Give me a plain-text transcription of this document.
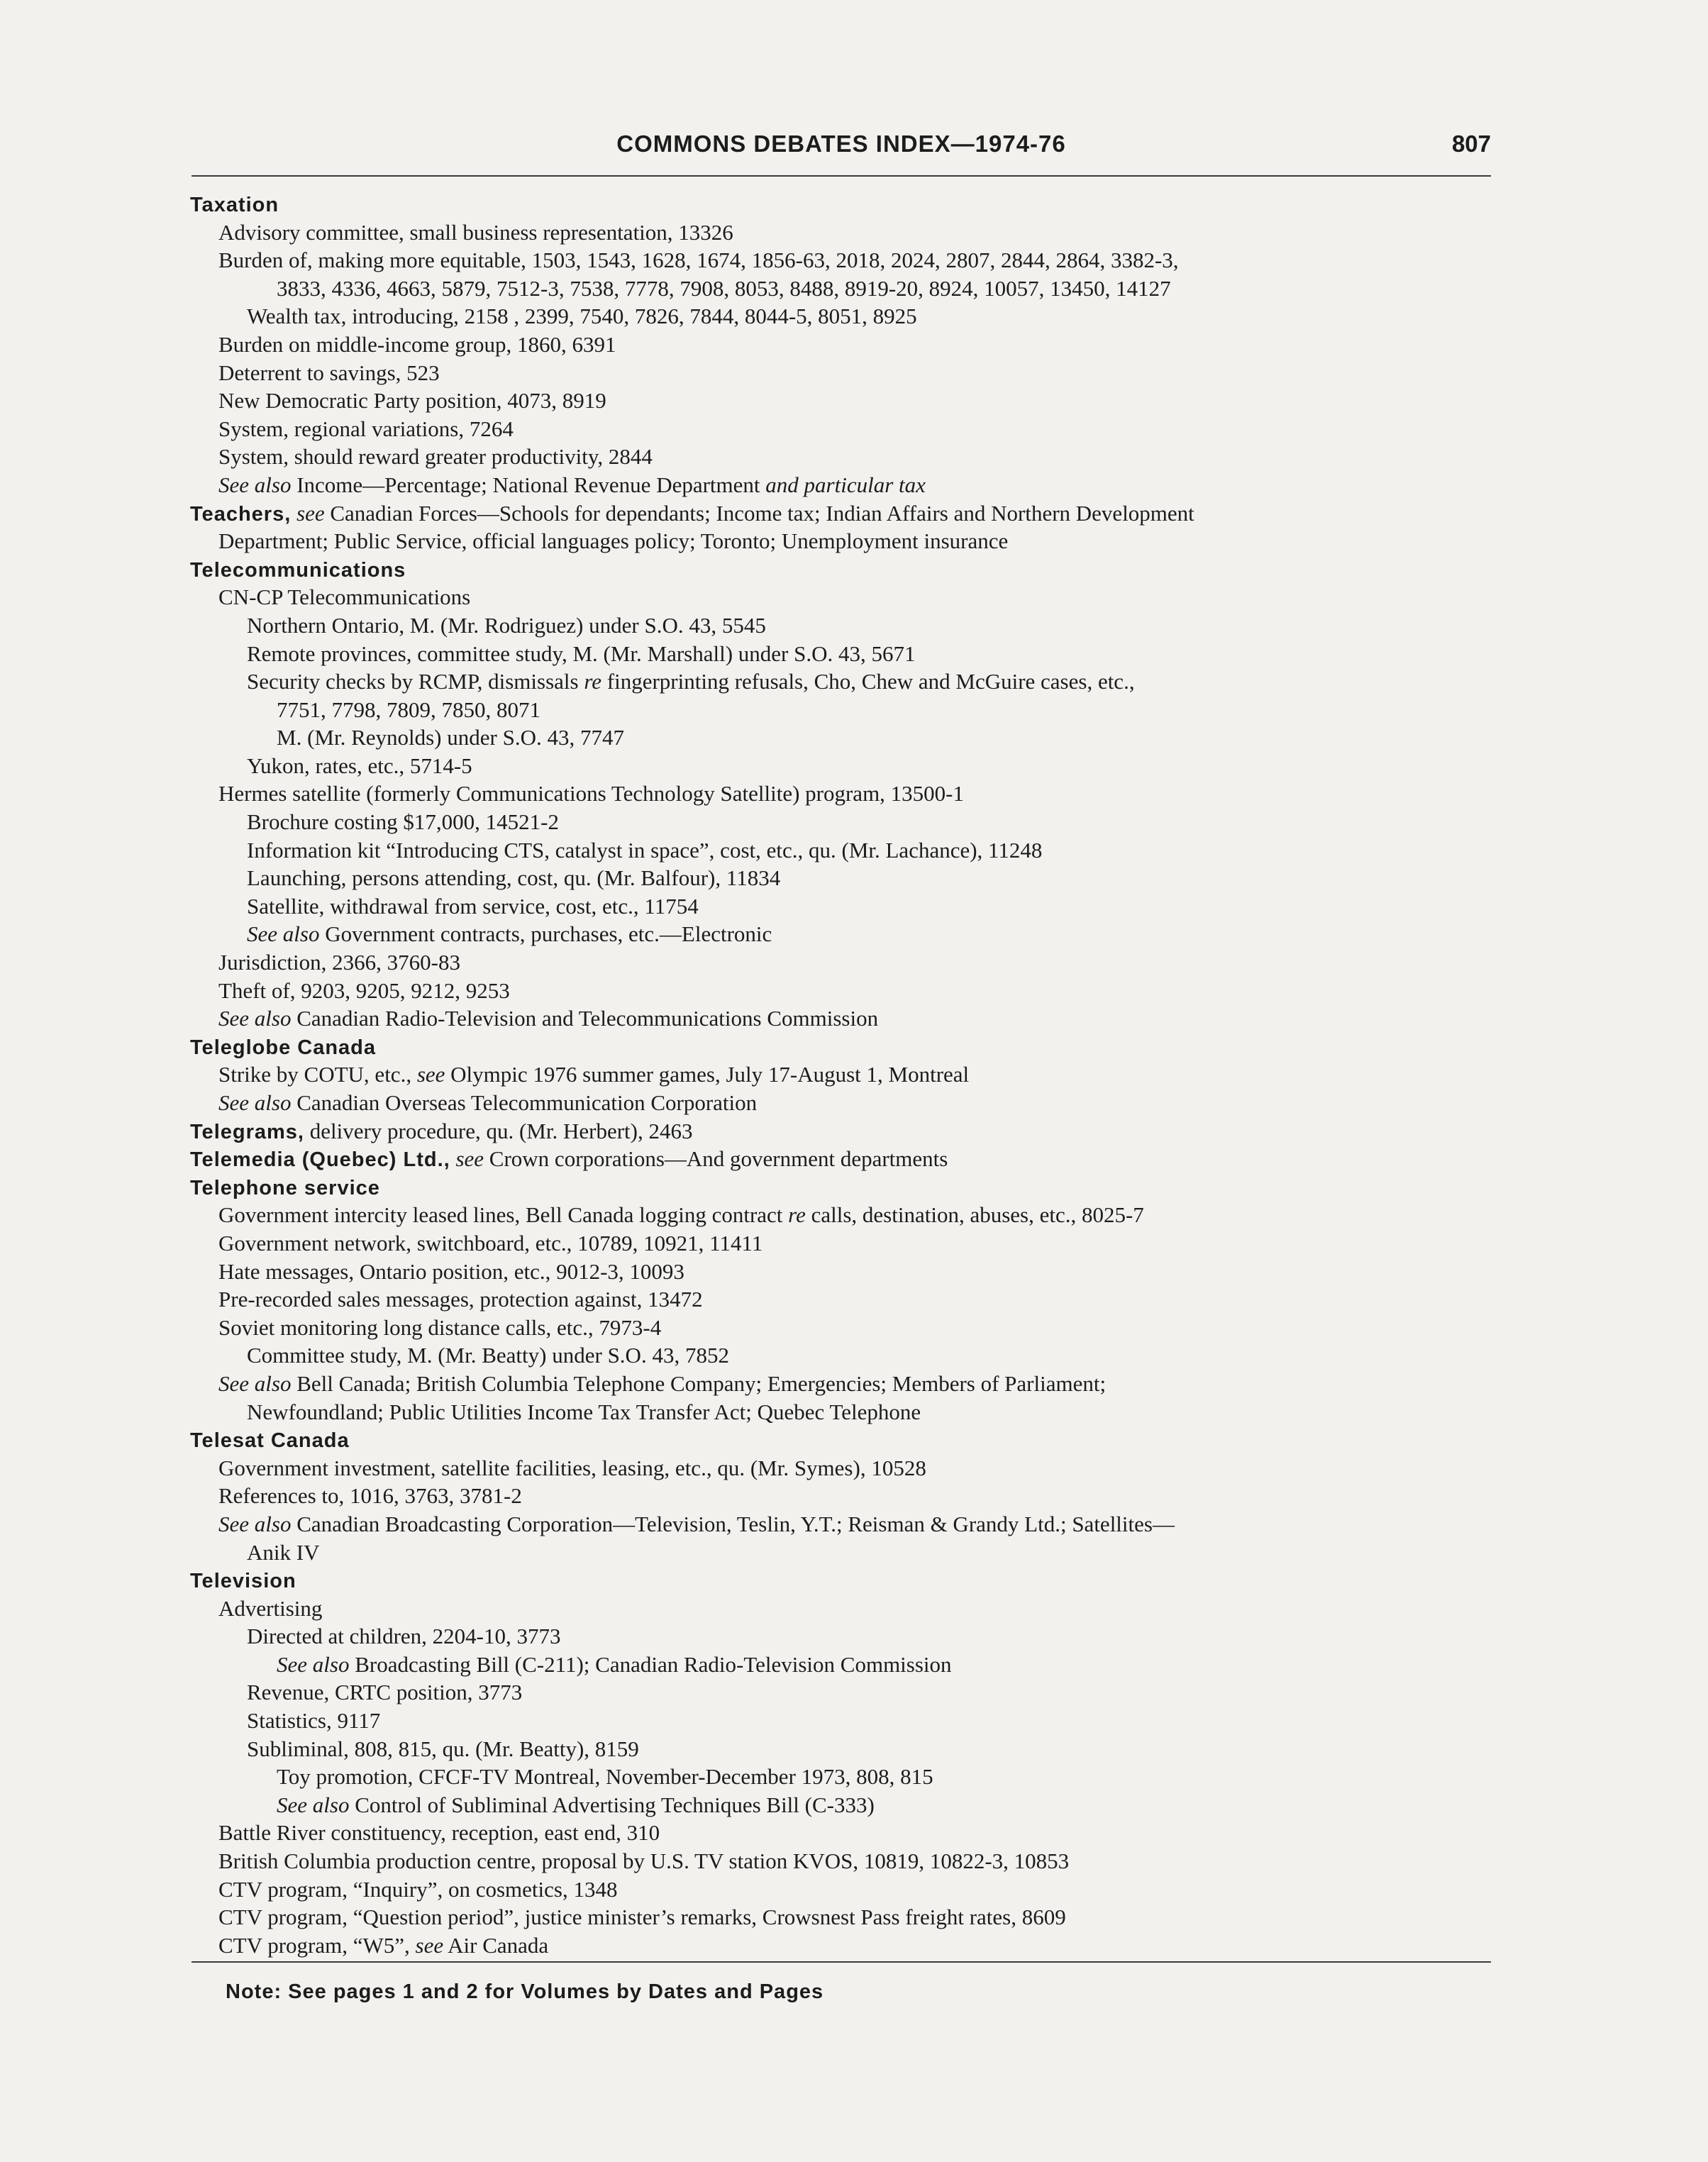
COMMONS DEBATES INDEX—1974-76	807
Taxation
Advisory committee, small business representation, 13326
Burden of, making more equitable, 1503, 1543, 1628, 1674, 1856-63, 2018, 2024, 2807, 2844, 2864, 3382-3,
3833, 4336, 4663, 5879, 7512-3, 7538, 7778, 7908, 8053, 8488, 8919-20, 8924, 10057, 13450, 14127
Wealth tax, introducing, 2158 , 2399, 7540, 7826, 7844, 8044-5, 8051, 8925
Burden on middle-income group, 1860, 6391
Deterrent to savings, 523
New Democratic Party position, 4073, 8919
System, regional variations, 7264
System, should reward greater productivity, 2844
See also Income—Percentage; National Revenue Department and particular tax
Teachers, see Canadian Forces—Schools for dependants; Income tax; Indian Affairs and Northern Development
Department; Public Service, official languages policy; Toronto; Unemployment insurance
Telecommunications
CN-CP Telecommunications
Northern Ontario, M. (Mr. Rodriguez) under S.O. 43, 5545
Remote provinces, committee study, M. (Mr. Marshall) under S.O. 43, 5671
Security checks by RCMP, dismissals re fingerprinting refusals, Cho, Chew and McGuire cases, etc.,
7751, 7798, 7809, 7850, 8071
M. (Mr. Reynolds) under S.O. 43, 7747
Yukon, rates, etc., 5714-5
Hermes satellite (formerly Communications Technology Satellite) program, 13500-1
Brochure costing $17,000, 14521-2
Information kit “Introducing CTS, catalyst in space”, cost, etc., qu. (Mr. Lachance), 11248
Launching, persons attending, cost, qu. (Mr. Balfour), 11834
Satellite, withdrawal from service, cost, etc., 11754
See also Government contracts, purchases, etc.—Electronic
Jurisdiction, 2366, 3760-83
Theft of, 9203, 9205, 9212, 9253
See also Canadian Radio-Television and Telecommunications Commission
Teleglobe Canada
Strike by COTU, etc., see Olympic 1976 summer games, July 17-August 1, Montreal
See also Canadian Overseas Telecommunication Corporation
Telegrams, delivery procedure, qu. (Mr. Herbert), 2463
Telemedia (Quebec) Ltd., see Crown corporations—And government departments
Telephone service
Government intercity leased lines, Bell Canada logging contract re calls, destination, abuses, etc., 8025-7
Government network, switchboard, etc., 10789, 10921, 11411
Hate messages, Ontario position, etc., 9012-3, 10093
Pre-recorded sales messages, protection against, 13472
Soviet monitoring long distance calls, etc., 7973-4
Committee study, M. (Mr. Beatty) under S.O. 43, 7852
See also Bell Canada; British Columbia Telephone Company; Emergencies; Members of Parliament;
Newfoundland; Public Utilities Income Tax Transfer Act; Quebec Telephone
Telesat Canada
Government investment, satellite facilities, leasing, etc., qu. (Mr. Symes), 10528
References to, 1016, 3763, 3781-2
See also Canadian Broadcasting Corporation—Television, Teslin, Y.T.; Reisman & Grandy Ltd.; Satellites—
Anik IV
Television
Advertising
Directed at children, 2204-10, 3773
See also Broadcasting Bill (C-211); Canadian Radio-Television Commission
Revenue, CRTC position, 3773
Statistics, 9117
Subliminal, 808, 815, qu. (Mr. Beatty), 8159
Toy promotion, CFCF-TV Montreal, November-December 1973, 808, 815
See also Control of Subliminal Advertising Techniques Bill (C-333)
Battle River constituency, reception, east end, 310
British Columbia production centre, proposal by U.S. TV station KVOS, 10819, 10822-3, 10853
CTV program, “Inquiry”, on cosmetics, 1348
CTV program, “Question period”, justice minister’s remarks, Crowsnest Pass freight rates, 8609
CTV program, “W5”, see Air Canada
Note: See pages 1 and 2 for Volumes by Dates and Pages
